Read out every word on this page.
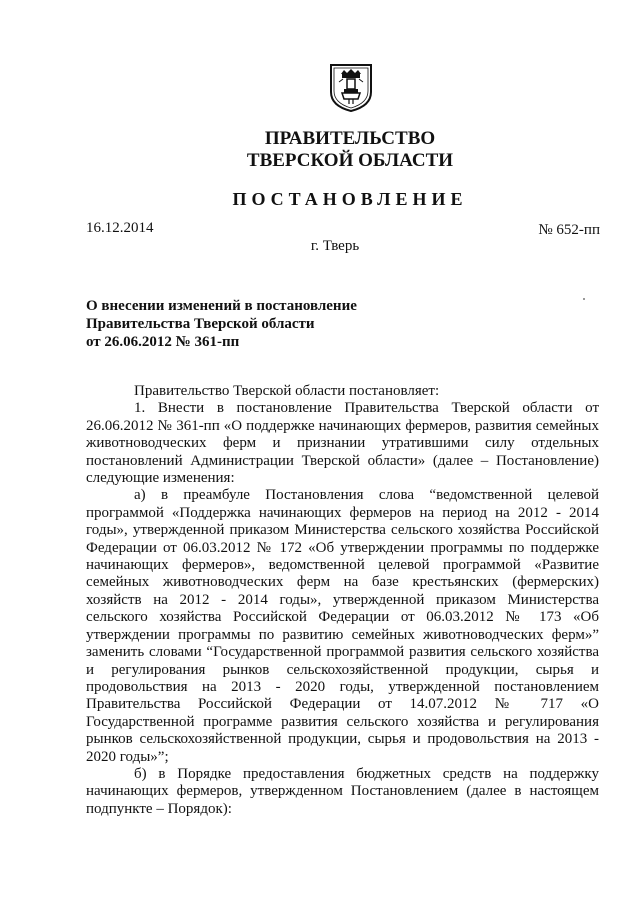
ПРАВИТЕЛЬСТВО
ТВЕРСКОЙ ОБЛАСТИ
ПОСТАНОВЛЕНИЕ
16.12.2014	№ 652-пп
г. Тверь
О внесении изменений в постановление
Правительства Тверской области
от 26.06.2012 № 361-пп

Правительство Тверской области постановляет:

1. Внести в постановление Правительства Тверской области от 26.06.2012 № 361-пп «О поддержке начинающих фермеров, развития семейных животноводческих ферм и признании утратившими силу отдельных постановлений Администрации Тверской области» (далее – Постановление) следующие изменения:

а) в преамбуле Постановления слова “ведомственной целевой программой «Поддержка начинающих фермеров на период на 2012 - 2014 годы», утвержденной приказом Министерства сельского хозяйства Российской Федерации от 06.03.2012 № 172 «Об утверждении программы по поддержке начинающих фермеров», ведомственной целевой программой «Развитие семейных животноводческих ферм на базе крестьянских (фермерских) хозяйств на 2012 - 2014 годы», утвержденной приказом Министерства сельского хозяйства Российской Федерации от 06.03.2012 № 173 «Об утверждении программы по развитию семейных животноводческих ферм»” заменить словами “Государственной программой развития сельского хозяйства и регулирования рынков сельскохозяйственной продукции, сырья и продовольствия на 2013 - 2020 годы, утвержденной постановлением Правительства Российской Федерации от 14.07.2012 № 717 «О Государственной программе развития сельского хозяйства и регулирования рынков сельскохозяйственной продукции, сырья и продовольствия на 2013 - 2020 годы»”;

б) в Порядке предоставления бюджетных средств на поддержку начинающих фермеров, утвержденном Постановлением (далее в настоящем подпункте – Порядок):
